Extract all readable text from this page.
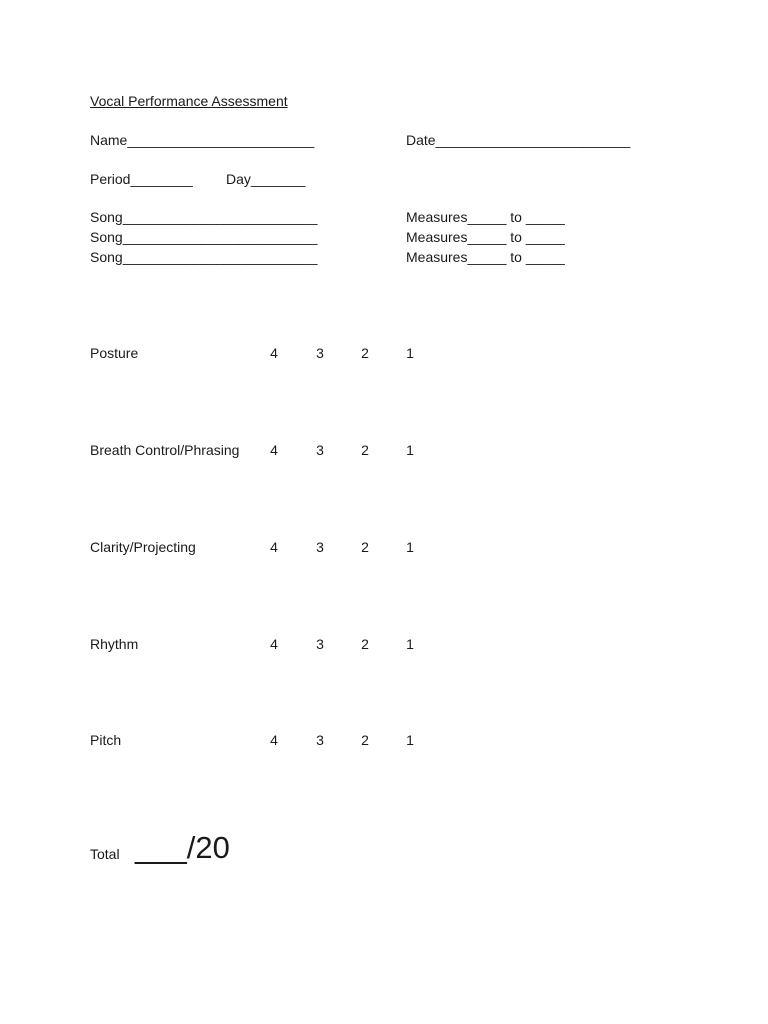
Vocal Performance Assessment
Name________________________	Date_________________________
Period________ Day_______
Song_________________________	Measures_____ to _____
Song_________________________	Measures_____ to _____
Song_________________________	Measures_____ to _____
Posture	4	3	2	1
Breath Control/Phrasing 4	3	2	1
Clarity/Projecting	4	3	2	1
Rhythm	4	3	2	1
Pitch	4	3	2	1
Total ___/20
